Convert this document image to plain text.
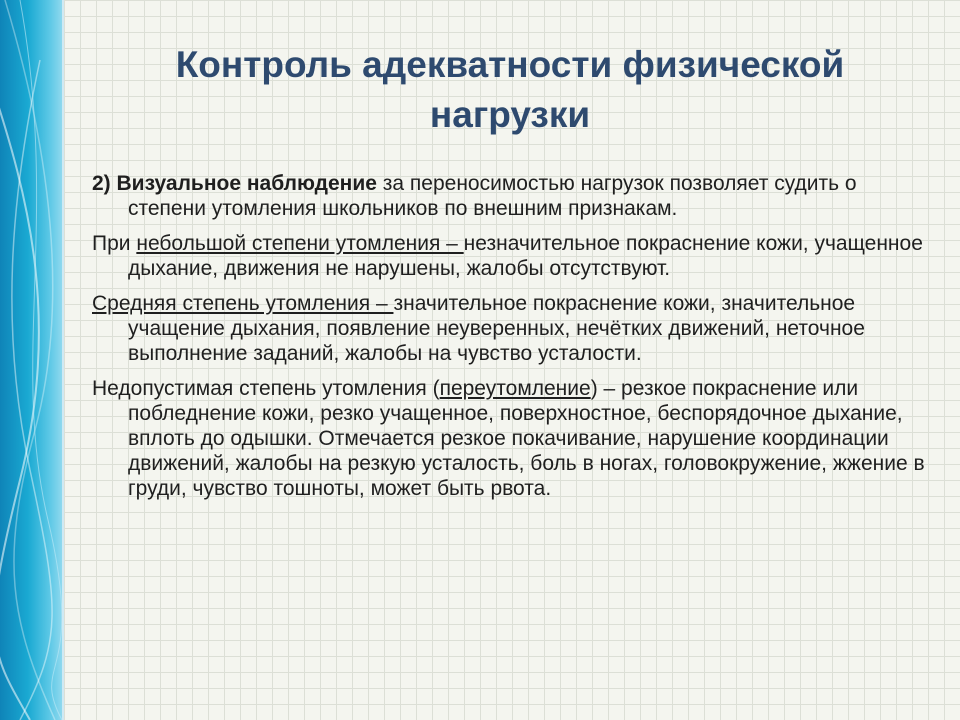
Контроль адекватности физической
нагрузки

2) Визуальное наблюдение за переносимостью нагрузок позволяет судить о степени утомления школьников по внешним признакам.

При небольшой степени утомления – незначительное покраснение кожи, учащенное дыхание, движения не нарушены, жалобы отсутствуют.

Средняя степень утомления – значительное покраснение кожи, значительное учащение дыхания, появление неуверенных, нечётких движений, неточное выполнение заданий, жалобы на чувство усталости.

Недопустимая степень утомления (переутомление) – резкое покраснение или побледнение кожи, резко учащенное, поверхностное, беспорядочное дыхание, вплоть до одышки. Отмечается резкое покачивание, нарушение координации движений, жалобы на резкую усталость, боль в ногах, головокружение, жжение в груди, чувство тошноты, может быть рвота.
